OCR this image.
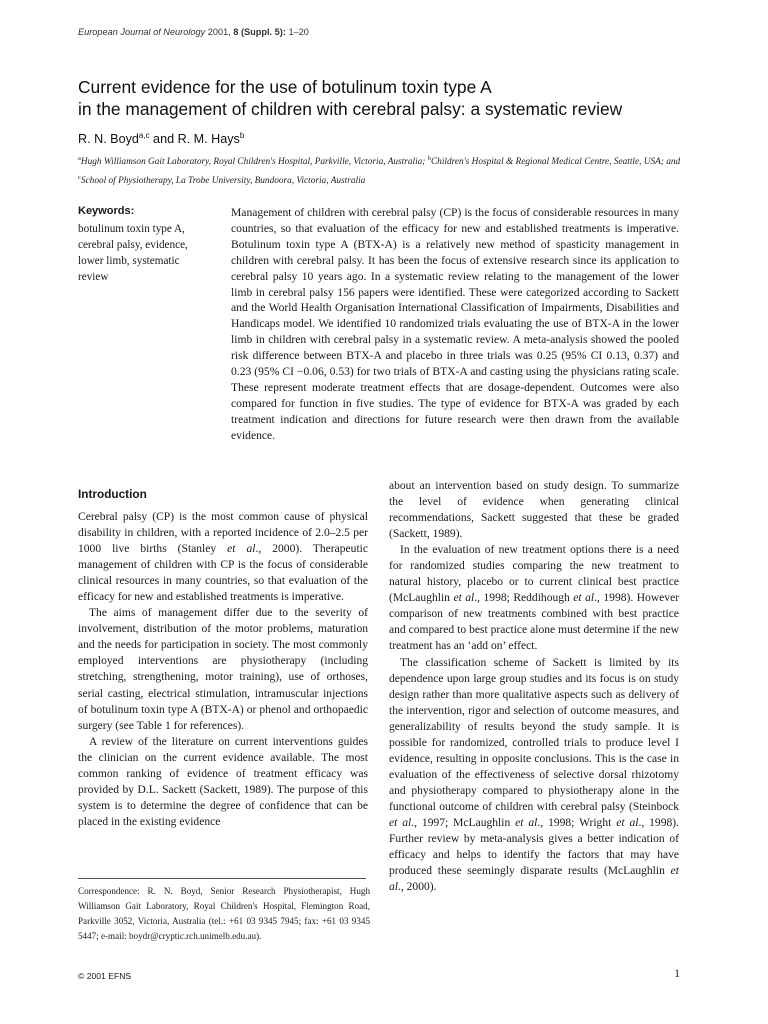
European Journal of Neurology 2001, 8 (Suppl. 5): 1–20
Current evidence for the use of botulinum toxin type A
in the management of children with cerebral palsy: a systematic review
R. N. Boyd$^{a,c}$ and R. M. Hays$^b$
$^a$Hugh Williamson Gait Laboratory, Royal Children's Hospital, Parkville, Victoria, Australia; $^b$Children's Hospital & Regional Medical Centre, Seattle, USA; and $^c$School of Physiotherapy, La Trobe University, Bundoora, Victoria, Australia
Keywords:
botulinum toxin type A,
cerebral palsy, evidence,
lower limb, systematic
review
Management of children with cerebral palsy (CP) is the focus of considerable resources in many countries, so that evaluation of the efficacy for new and established treatments is imperative. Botulinum toxin type A (BTX-A) is a relatively new method of spasticity management in children with cerebral palsy. It has been the focus of extensive research since its application to cerebral palsy 10 years ago. In a systematic review relating to the management of the lower limb in cerebral palsy 156 papers were identified. These were categorized according to Sackett and the World Health Organisation International Classification of Impairments, Disabilities and Handicaps model. We identified 10 randomized trials evaluating the use of BTX-A in the lower limb in children with cerebral palsy in a systematic review. A meta-analysis showed the pooled risk difference between BTX-A and placebo in three trials was 0.25 (95% CI 0.13, 0.37) and 0.23 (95% CI −0.06, 0.53) for two trials of BTX-A and casting using the physicians rating scale. These represent moderate treatment effects that are dosage-dependent. Outcomes were also compared for function in five studies. The type of evidence for BTX-A was graded by each treatment indication and directions for future research were then drawn from the available evidence.
Introduction

Cerebral palsy (CP) is the most common cause of physical disability in children, with a reported incidence of 2.0–2.5 per 1000 live births (Stanley et al., 2000). Therapeutic management of children with CP is the focus of considerable clinical resources in many countries, so that evaluation of the efficacy for new and established treatments is imperative.

The aims of management differ due to the severity of involvement, distribution of the motor problems, maturation and the needs for participation in society. The most commonly employed interventions are physiotherapy (including stretching, strengthening, motor training), use of orthoses, serial casting, electrical stimulation, intramuscular injections of botulinum toxin type A (BTX-A) or phenol and orthopaedic surgery (see Table 1 for references).

A review of the literature on current interventions guides the clinician on the current evidence available. The most common ranking of evidence of treatment efficacy was provided by D.L. Sackett (Sackett, 1989). The purpose of this system is to determine the degree of confidence that can be placed in the existing evidence

about an intervention based on study design. To summarize the level of evidence when generating clinical recommendations, Sackett suggested that these be graded (Sackett, 1989).

In the evaluation of new treatment options there is a need for randomized studies comparing the new treatment to natural history, placebo or to current clinical best practice (McLaughlin et al., 1998; Reddihough et al., 1998). However comparison of new treatments combined with best practice and compared to best practice alone must determine if the new treatment has an ‘add on’ effect.

The classification scheme of Sackett is limited by its dependence upon large group studies and its focus is on study design rather than more qualitative aspects such as delivery of the intervention, rigor and selection of outcome measures, and generalizability of results beyond the study sample. It is possible for randomized, controlled trials to produce level I evidence, resulting in opposite conclusions. This is the case in evaluation of the effectiveness of selective dorsal rhizotomy and physiotherapy compared to physiotherapy alone in the functional outcome of children with cerebral palsy (Steinbock et al., 1997; McLaughlin et al., 1998; Wright et al., 1998). Further review by meta-analysis gives a better indication of efficacy and helps to identify the factors that may have produced these seemingly disparate results (McLaughlin et al., 2000).

Correspondence: R. N. Boyd, Senior Research Physiotherapist, Hugh Williamson Gait Laboratory, Royal Children's Hospital, Flemington Road, Parkville 3052, Victoria, Australia (tel.: +61 03 9345 7945; fax: +61 03 9345 5447; e-mail: boydr@cryptic.rch.unimelb.edu.au).
© 2001 EFNS	1
